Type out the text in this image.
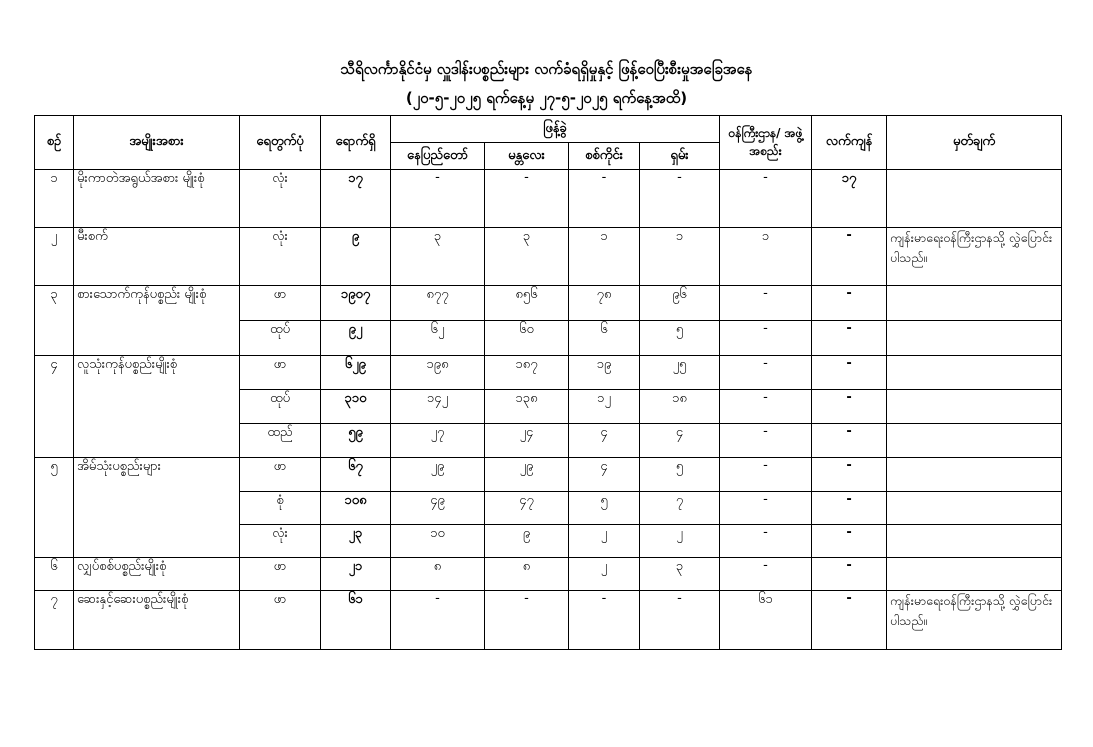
သီရိလင်္ကာနိုင်ငံမှ လှူဒါန်းပစ္စည်းများ လက်ခံရရှိမှုနှင့် ဖြန့်ဝေပြီးစီးမှုအခြေအနေ
(၂၀-၅-၂၀၂၅ ရက်နေ့မှ ၂၇-၅-၂၀၂၅ ရက်နေ့အထိ)
စဉ်	အမျိုးအစား	ရေတွက်ပုံ	ရောက်ရှိ	ဖြန့်ခွဲ				ဝန်ကြီးဌာန/ အဖွဲ့အစည်း	လက်ကျန်	မှတ်ချက်
				နေပြည်တော်	မန္တလေး	စစ်ကိုင်း	ရှမ်း			
၁	မိုးကာတဲအရွယ်အစား မျိုးစုံ	လုံး	၁၇	-	-	-	-	-	၁၇	
၂	မီးစက်	လုံး	၉	၃	၃	၁	၁	၁	-	ကျန်းမာရေးဝန်ကြီးဌာနသို့ လွှဲပြောင်းပါသည်။
၃	စားသောက်ကုန်ပစ္စည်း မျိုးစုံ	ဖာ	၁၉၀၇	၈၇၇	၈၅၆	၇၈	၉၆	-	-	
		ထုပ်	၉၂	၆၂	၆၀	၆	၅	-	-	
၄	လူသုံးကုန်ပစ္စည်းမျိုးစုံ	ဖာ	၆၂၉	၁၉၈	၁၈၇	၁၉	၂၅	-	-	
		ထုပ်	၃၁၀	၁၄၂	၁၃၈	၁၂	၁၈	-	-	
		ထည်	၅၉	၂၇	၂၄	၄	၄	-	-	
၅	အိမ်သုံးပစ္စည်းများ	ဖာ	၆၇	၂၉	၂၉	၄	၅	-	-	
		စုံ	၁၀၈	၄၉	၄၇	၅	၇	-	-	
		လုံး	၂၃	၁၀	၉	၂	၂	-	-	
၆	လျှပ်စစ်ပစ္စည်းမျိုးစုံ	ဖာ	၂၁	၈	၈	၂	၃	-	-	
၇	ဆေးနှင့်ဆေးပစ္စည်းမျိုးစုံ	ဖာ	၆၁	-	-	-	-	၆၁	-	ကျန်းမာရေးဝန်ကြီးဌာနသို့ လွှဲပြောင်းပါသည်။
